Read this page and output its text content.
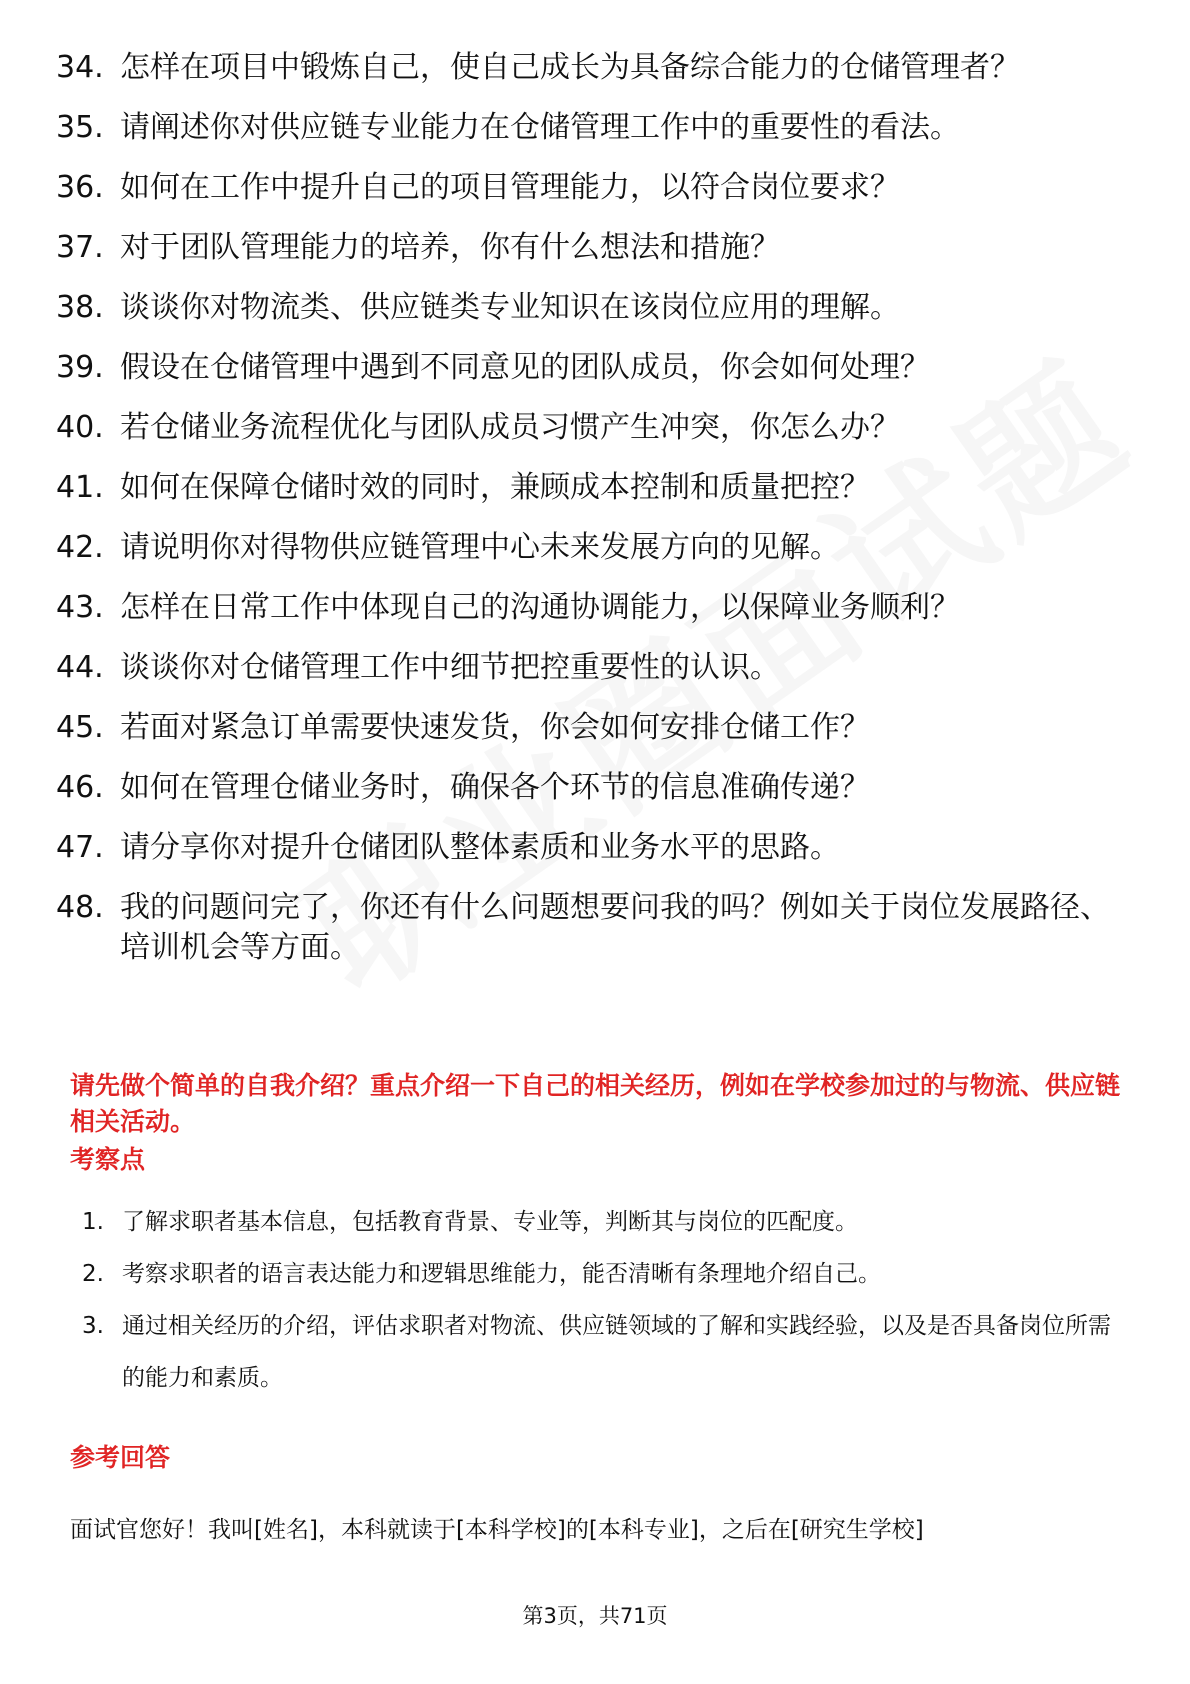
34. 怎样在项目中锻炼自己，使自己成长为具备综合能力的仓储管理者？
35. 请阐述你对供应链专业能力在仓储管理工作中的重要性的看法。
36. 如何在工作中提升自己的项目管理能力，以符合岗位要求？
37. 对于团队管理能力的培养，你有什么想法和措施？
38. 谈谈你对物流类、供应链类专业知识在该岗位应用的理解。
39. 假设在仓储管理中遇到不同意见的团队成员，你会如何处理？
40. 若仓储业务流程优化与团队成员习惯产生冲突，你怎么办？
41. 如何在保障仓储时效的同时，兼顾成本控制和质量把控？
42. 请说明你对得物供应链管理中心未来发展方向的见解。
43. 怎样在日常工作中体现自己的沟通协调能力，以保障业务顺利？
44. 谈谈你对仓储管理工作中细节把控重要性的认识。
45. 若面对紧急订单需要快速发货，你会如何安排仓储工作？
46. 如何在管理仓储业务时，确保各个环节的信息准确传递？
47. 请分享你对提升仓储团队整体素质和业务水平的思路。
48. 我的问题问完了，你还有什么问题想要问我的吗？例如关于岗位发展路径、培训机会等方面。
请先做个简单的自我介绍？重点介绍一下自己的相关经历，例如在学校参加过的与物流、供应链相关活动。
考察点
1. 了解求职者基本信息，包括教育背景、专业等，判断其与岗位的匹配度。
2. 考察求职者的语言表达能力和逻辑思维能力，能否清晰有条理地介绍自己。
3. 通过相关经历的介绍，评估求职者对物流、供应链领域的了解和实践经验，以及是否具备岗位所需的能力和素质。
参考回答
面试官您好！我叫[姓名]，本科就读于[本科学校]的[本科专业]，之后在[研究生学校]
第3页，共71页
